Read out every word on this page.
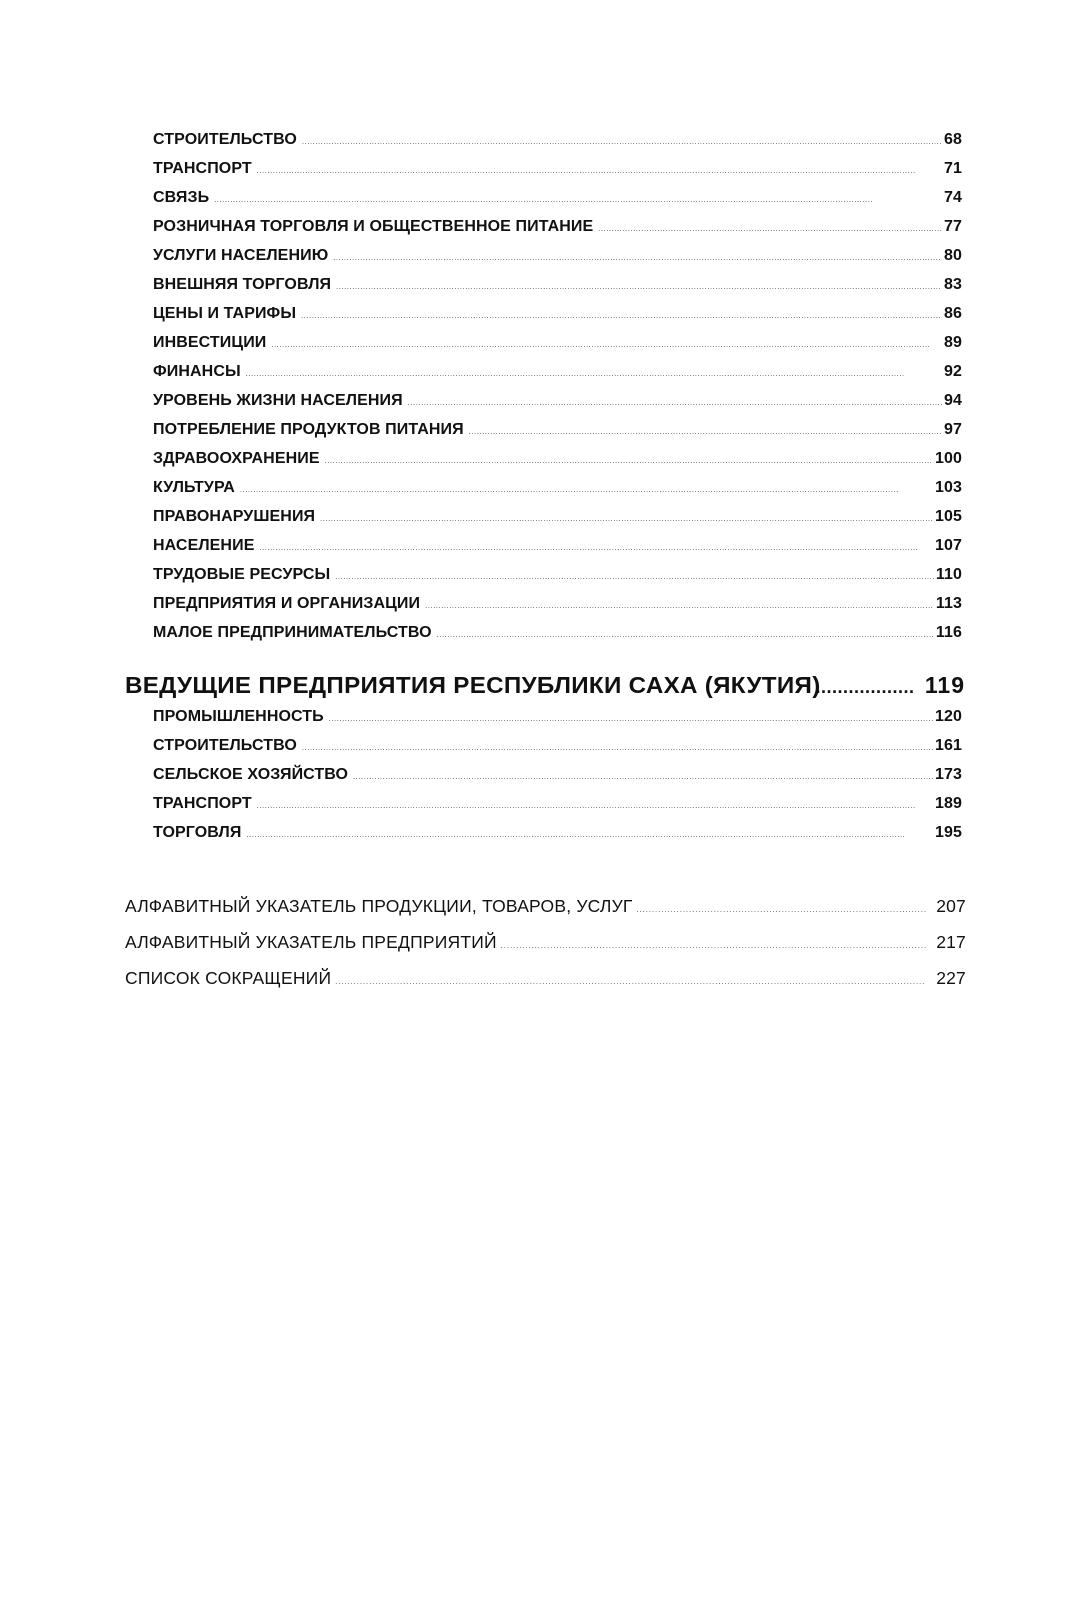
СТРОИТЕЛЬСТВО . . .	68
ТРАНСПОРТ . . .	71
СВЯЗЬ . . .	74
РОЗНИЧНАЯ ТОРГОВЛЯ И ОБЩЕСТВЕННОЕ ПИТАНИЕ . . .	77
УСЛУГИ НАСЕЛЕНИЮ . . .	80
ВНЕШНЯЯ ТОРГОВЛЯ . . .	83
ЦЕНЫ И ТАРИФЫ . . .	86
ИНВЕСТИЦИИ . . .	89
ФИНАНСЫ . . .	92
УРОВЕНЬ ЖИЗНИ НАСЕЛЕНИЯ . . .	94
ПОТРЕБЛЕНИЕ ПРОДУКТОВ ПИТАНИЯ . . .	97
ЗДРАВООХРАНЕНИЕ . . .	100
КУЛЬТУРА . . .	103
ПРАВОНАРУШЕНИЯ . . .	105
НАСЕЛЕНИЕ . . .	107
ТРУДОВЫЕ РЕСУРСЫ . . .	110
ПРЕДПРИЯТИЯ И ОРГАНИЗАЦИИ . . .	113
МАЛОЕ ПРЕДПРИНИМАТЕЛЬСТВО . . .	116
ВЕДУЩИЕ ПРЕДПРИЯТИЯ РЕСПУБЛИКИ САХА (ЯКУТИЯ) .....	119
ПРОМЫШЛЕННОСТЬ . . .	120
СТРОИТЕЛЬСТВО . . .	161
СЕЛЬСКОЕ ХОЗЯЙСТВО . . .	173
ТРАНСПОРТ . . .	189
ТОРГОВЛЯ . . .	195
АЛФАВИТНЫЙ УКАЗАТЕЛЬ ПРОДУКЦИИ, ТОВАРОВ, УСЛУГ . . .	207
АЛФАВИТНЫЙ УКАЗАТЕЛЬ ПРЕДПРИЯТИЙ . . .	217
СПИСОК СОКРАЩЕНИЙ . . .	227
